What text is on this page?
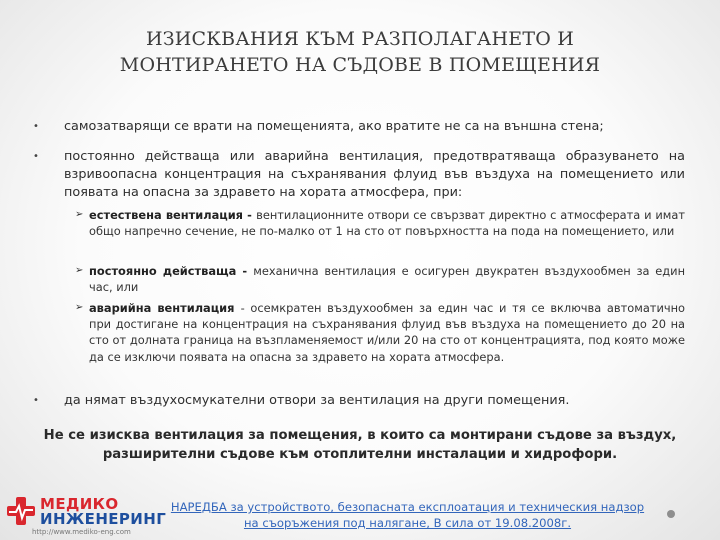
ИЗИСКВАНИЯ КЪМ РАЗПОЛАГАНЕТО И
МОНТИРАНЕТО НА СЪДОВЕ В ПОМЕЩЕНИЯ
• самозатварящи се врати на помещенията, ако вратите не са на външна стена;
• постоянно действаща или аварийна вентилация, предотвратяваща образуването на взривоопасна концентрация на съхранявания флуид във въздуха на помещението или появата на опасна за здравето на хората атмосфера, при:
➢ естествена вентилация - вентилационните отвори се свързват директно с атмосферата и имат общо напречно сечение, не по-малко от 1 на сто от повърхността на пода на помещението, или
➢ постоянно действаща - механична вентилация е осигурен двукратен въздухообмен за един час, или
➢ аварийна вентилация - осемкратен въздухообмен за един час и тя се включва автоматично при достигане на концентрация на съхранявания флуид във въздуха на помещението до 20 на сто от долната граница на възпламеняемост и/или 20 на сто от концентрацията, под която може да се изключи появата на опасна за здравето на хората атмосфера.
• да нямат въздухосмукателни отвори за вентилация на други помещения.
Не се изисква вентилация за помещения, в които са монтирани съдове за въздух, разширителни съдове към отоплителни инсталации и хидрофори.
НАРЕДБА за устройството, безопасната експлоатация и техническия надзор
на съоръжения под налягане, В сила от 19.08.2008г.
МЕДИКО
ИНЖЕНЕРИНГ
http://www.mediko-eng.com
